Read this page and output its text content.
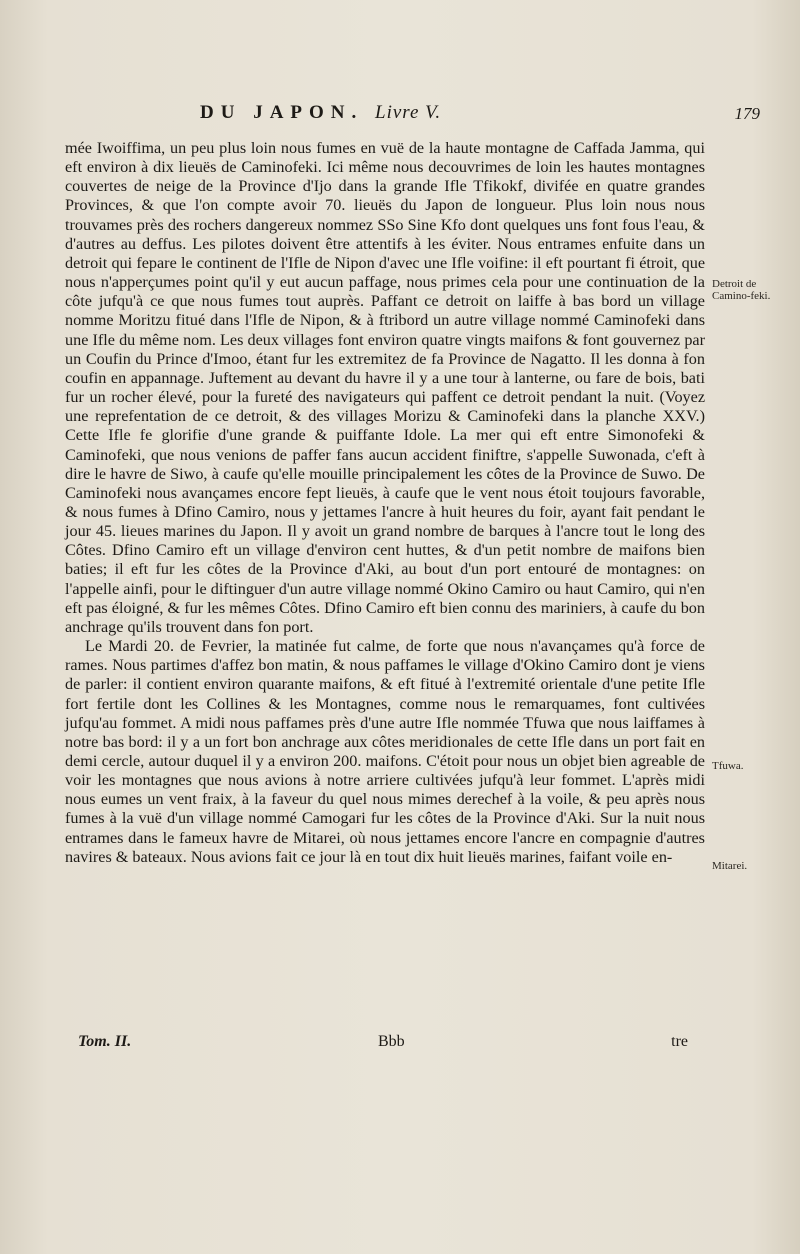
DU JAPON. Livre V.	179

mée Iwoiffima, un peu plus loin nous fumes en vuë de la haute montagne de Caffada Jamma, qui eft environ à dix lieuës de Caminofeki. Ici même nous decouvrimes de loin les hautes montagnes couvertes de neige de la Province d'Ijo dans la grande Ifle Tfikokf, divifée en quatre grandes Provinces, & que l'on compte avoir 70. lieuës du Japon de longueur. Plus loin nous nous trouvames près des rochers dangereux nommez SSo Sine Kfo dont quelques uns font fous l'eau, & d'autres au deffus. Les pilotes doivent être attentifs à les éviter. Nous entrames enfuite dans un detroit qui fepare le continent de l'Ifle de Nipon d'avec une Ifle voifine: il eft pourtant fi étroit, que nous n'apperçumes point qu'il y eut aucun paffage, nous primes cela pour une continuation de la côte jufqu'à ce que nous fumes tout auprès. Paffant ce detroit on laiffe à bas bord un village nomme Moritzu fitué dans l'Ifle de Nipon, & à ftribord un autre village nommé Caminofeki dans une Ifle du même nom. Les deux villages font environ quatre vingts maifons & font gouvernez par un Coufin du Prince d'Imoo, étant fur les extremitez de fa Province de Nagatto. Il les donna à fon coufin en appannage. Juftement au devant du havre il y a une tour à lanterne, ou fare de bois, bati fur un rocher élevé, pour la fureté des navigateurs qui paffent ce detroit pendant la nuit. (Voyez une reprefentation de ce detroit, & des villages Morizu & Caminofeki dans la planche XXV.) Cette Ifle fe glorifie d'une grande & puiffante Idole. La mer qui eft entre Simonofeki & Caminofeki, que nous venions de paffer fans aucun accident finiftre, s'appelle Suwonada, c'eft à dire le havre de Siwo, à caufe qu'elle mouille principalement les côtes de la Province de Suwo. De Caminofeki nous avançames encore fept lieuës, à caufe que le vent nous étoit toujours favorable, & nous fumes à Dfino Camiro, nous y jettames l'ancre à huit heures du foir, ayant fait pendant le jour 45. lieues marines du Japon. Il y avoit un grand nombre de barques à l'ancre tout le long des Côtes. Dfino Camiro eft un village d'environ cent huttes, & d'un petit nombre de maifons bien baties; il eft fur les côtes de la Province d'Aki, au bout d'un port entouré de montagnes: on l'appelle ainfi, pour le diftinguer d'un autre village nommé Okino Camiro ou haut Camiro, qui n'en eft pas éloigné, & fur les mêmes Côtes. Dfino Camiro eft bien connu des mariniers, à caufe du bon anchrage qu'ils trouvent dans fon port.

Le Mardi 20. de Fevrier, la matinée fut calme, de forte que nous n'avançames qu'à force de rames. Nous partimes d'affez bon matin, & nous paffames le village d'Okino Camiro dont je viens de parler: il contient environ quarante maifons, & eft fitué à l'extremité orientale d'une petite Ifle fort fertile dont les Collines & les Montagnes, comme nous le remarquames, font cultivées jufqu'au fommet. A midi nous paffames près d'une autre Ifle nommée Tfuwa que nous laiffames à notre bas bord: il y a un fort bon anchrage aux côtes meridionales de cette Ifle dans un port fait en demi cercle, autour duquel il y a environ 200. maifons. C'étoit pour nous un objet bien agreable de voir les montagnes que nous avions à notre arriere cultivées jufqu'à leur fommet. L'après midi nous eumes un vent fraix, à la faveur du quel nous mimes derechef à la voile, & peu après nous fumes à la vuë d'un village nommé Camogari fur les côtes de la Province d'Aki. Sur la nuit nous entrames dans le fameux havre de Mitarei, où nous jettames encore l'ancre en compagnie d'autres navires & bateaux. Nous avions fait ce jour là en tout dix huit lieuës marines, faifant voile en-

Detroit de Camino-feki.
Tfuwa.
Mitarei.
Tom. II.	Bbb	tre
